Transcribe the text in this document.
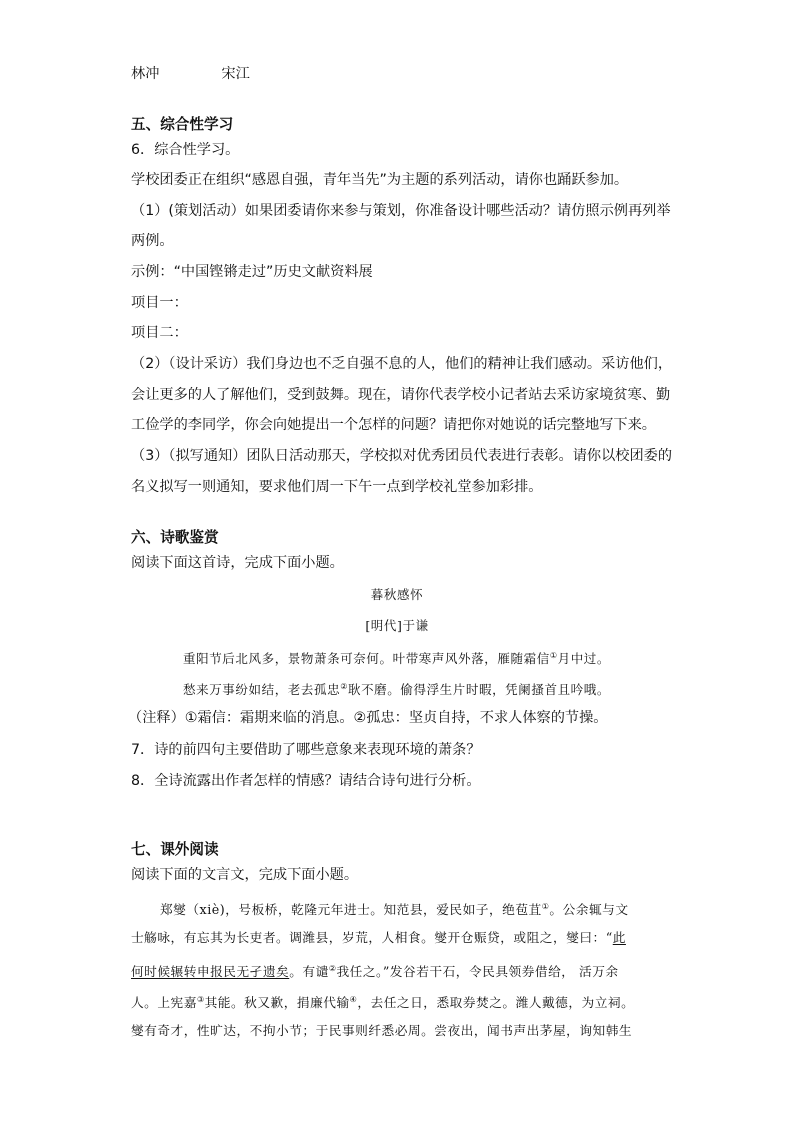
林冲	宋江
五、综合性学习
6．综合性学习。
学校团委正在组织“感恩自强，青年当先”为主题的系列活动，请你也踊跃参加。
（1）(策划活动）如果团委请你来参与策划，你准备设计哪些活动？请仿照示例再列举
两例。
示例：“中国铿锵走过”历史文献资料展
项目一：
项目二：
（2）（设计采访）我们身边也不乏自强不息的人，他们的精神让我们感动。采访他们，
会让更多的人了解他们，受到鼓舞。现在，请你代表学校小记者站去采访家境贫寒、勤
工俭学的李同学，你会向她提出一个怎样的问题？请把你对她说的话完整地写下来。
（3）（拟写通知）团队日活动那天，学校拟对优秀团员代表进行表彰。请你以校团委的
名义拟写一则通知，要求他们周一下午一点到学校礼堂参加彩排。
六、诗歌鉴赏
阅读下面这首诗，完成下面小题。
暮秋感怀
[明代]于谦
重阳节后北风多，景物萧条可奈何。叶带寒声风外落，雁随霜信①月中过。
愁来万事纷如结，老去孤忠②耿不磨。偷得浮生片时暇，凭阑搔首且吟哦。
（注释）①霜信：霜期来临的消息。②孤忠：坚贞自持，不求人体察的节操。
7．诗的前四句主要借助了哪些意象来表现环境的萧条？
8．全诗流露出作者怎样的情感？请结合诗句进行分析。
七、课外阅读
阅读下面的文言文，完成下面小题。
郑燮（xiè)，号板桥，乾隆元年进士。知范县，爱民如子，绝苞苴①。公余辄与文
士觞咏，有忘其为长吏者。调潍县，岁荒，人相食。燮开仓赈贷，或阻之，燮曰：“此
何时候辗转申报民无孑遗矣。有谴②我任之。”发谷若干石，令民具领券借给， 活万余
人。上宪嘉③其能。秋又歉，捐廉代输④，去任之日，悉取券焚之。潍人戴德，为立祠。
燮有奇才，性旷达，不拘小节；于民事则纤悉必周。尝夜出，闻书声出茅屋，询知韩生
